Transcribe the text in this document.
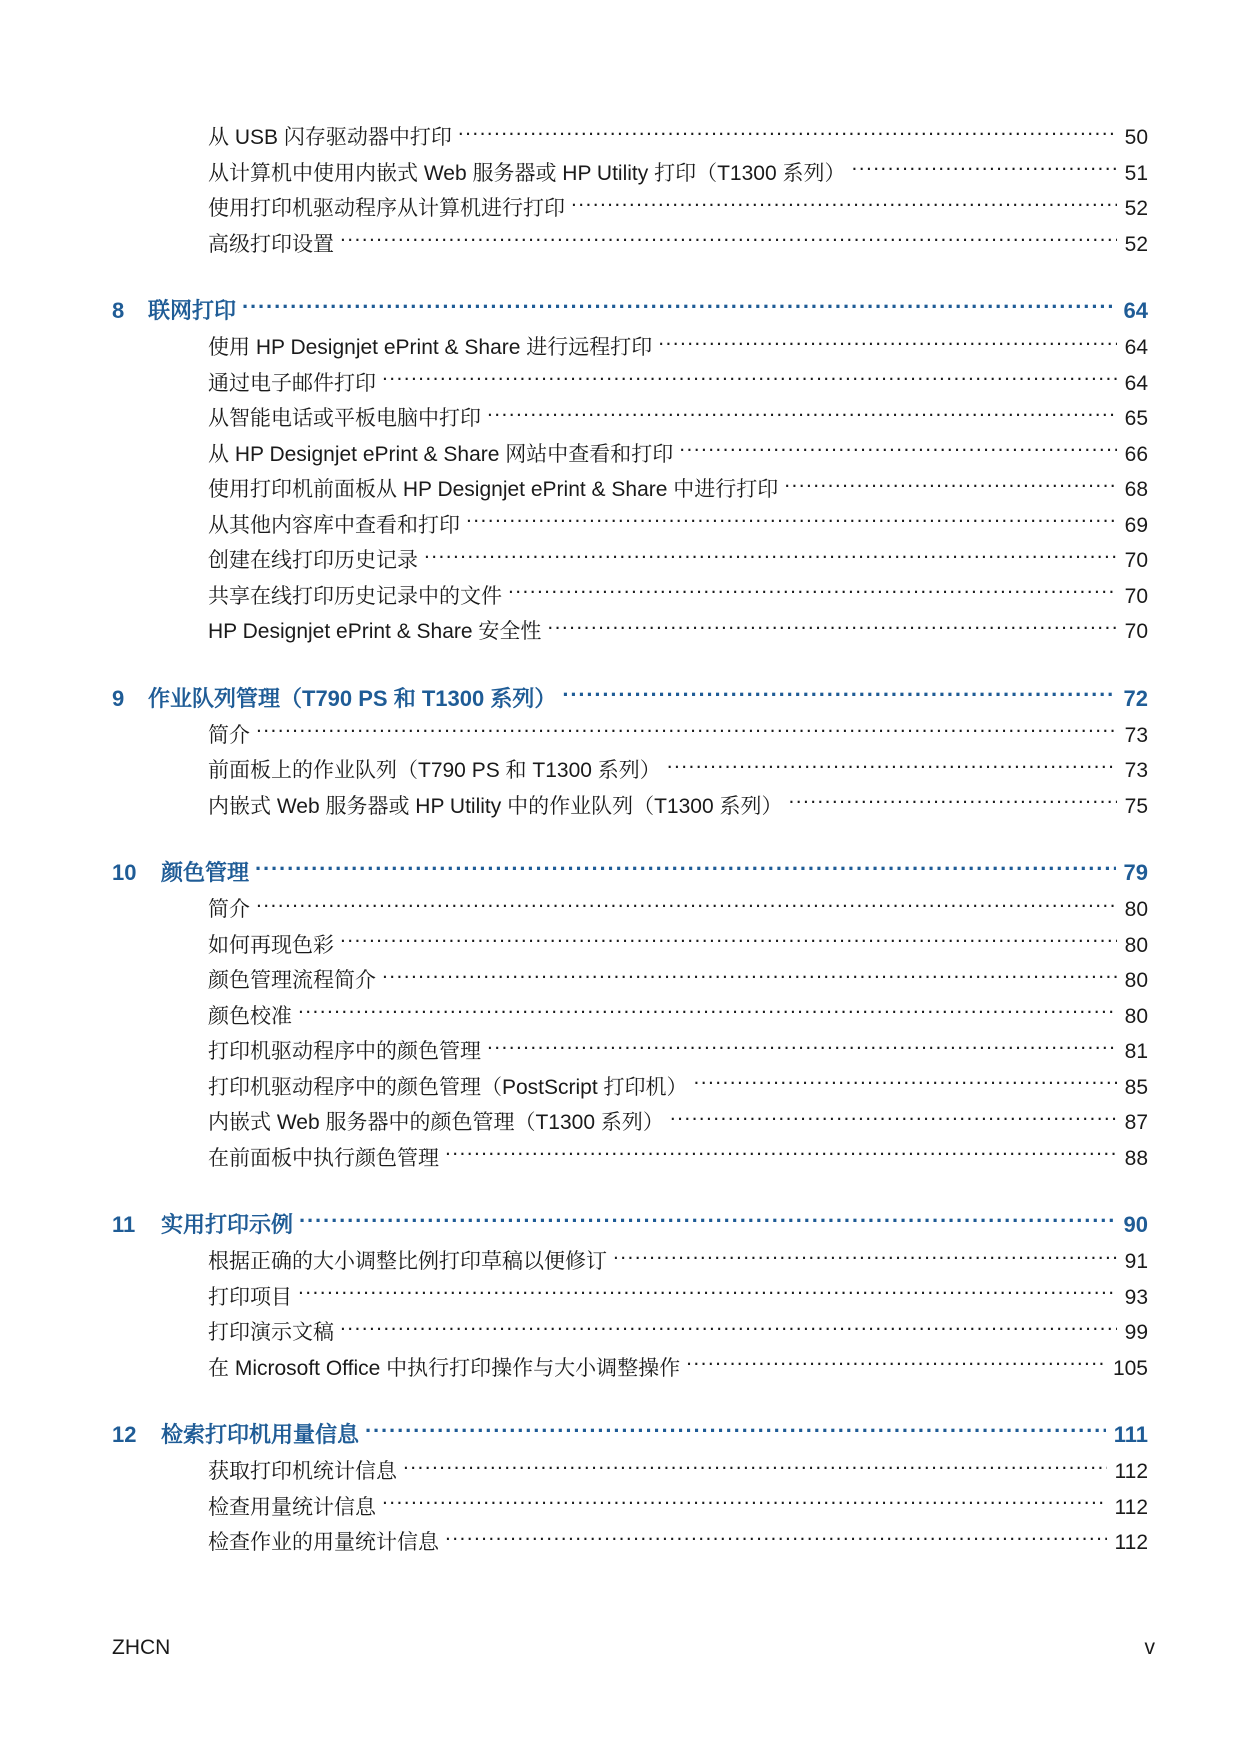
从 USB 闪存驱动器中打印 .....	50
从计算机中使用内嵌式 Web 服务器或 HP Utility 打印（T1300 系列） .....	51
使用打印机驱动程序从计算机进行打印 .....	52
高级打印设置 .....	52
8	联网打印 .....	64
使用 HP Designjet ePrint & Share 进行远程打印 .....	64
通过电子邮件打印 .....	64
从智能电话或平板电脑中打印 .....	65
从 HP Designjet ePrint & Share 网站中查看和打印 .....	66
使用打印机前面板从 HP Designjet ePrint & Share 中进行打印 .....	68
从其他内容库中查看和打印 .....	69
创建在线打印历史记录 .....	70
共享在线打印历史记录中的文件 .....	70
HP Designjet ePrint & Share 安全性 .....	70
9	作业队列管理（T790 PS 和 T1300 系列） .....	72
简介 .....	73
前面板上的作业队列（T790 PS 和 T1300 系列） .....	73
内嵌式 Web 服务器或 HP Utility 中的作业队列（T1300 系列） .....	75
10	颜色管理 .....	79
简介 .....	80
如何再现色彩 .....	80
颜色管理流程简介 .....	80
颜色校准 .....	80
打印机驱动程序中的颜色管理 .....	81
打印机驱动程序中的颜色管理（PostScript 打印机） .....	85
内嵌式 Web 服务器中的颜色管理（T1300 系列） .....	87
在前面板中执行颜色管理 .....	88
11	实用打印示例 .....	90
根据正确的大小调整比例打印草稿以便修订 .....	91
打印项目 .....	93
打印演示文稿 .....	99
在 Microsoft Office 中执行打印操作与大小调整操作 .....	105
12	检索打印机用量信息 .....	111
获取打印机统计信息 .....	112
检查用量统计信息 .....	112
检查作业的用量统计信息 .....	112
ZHCN	v
